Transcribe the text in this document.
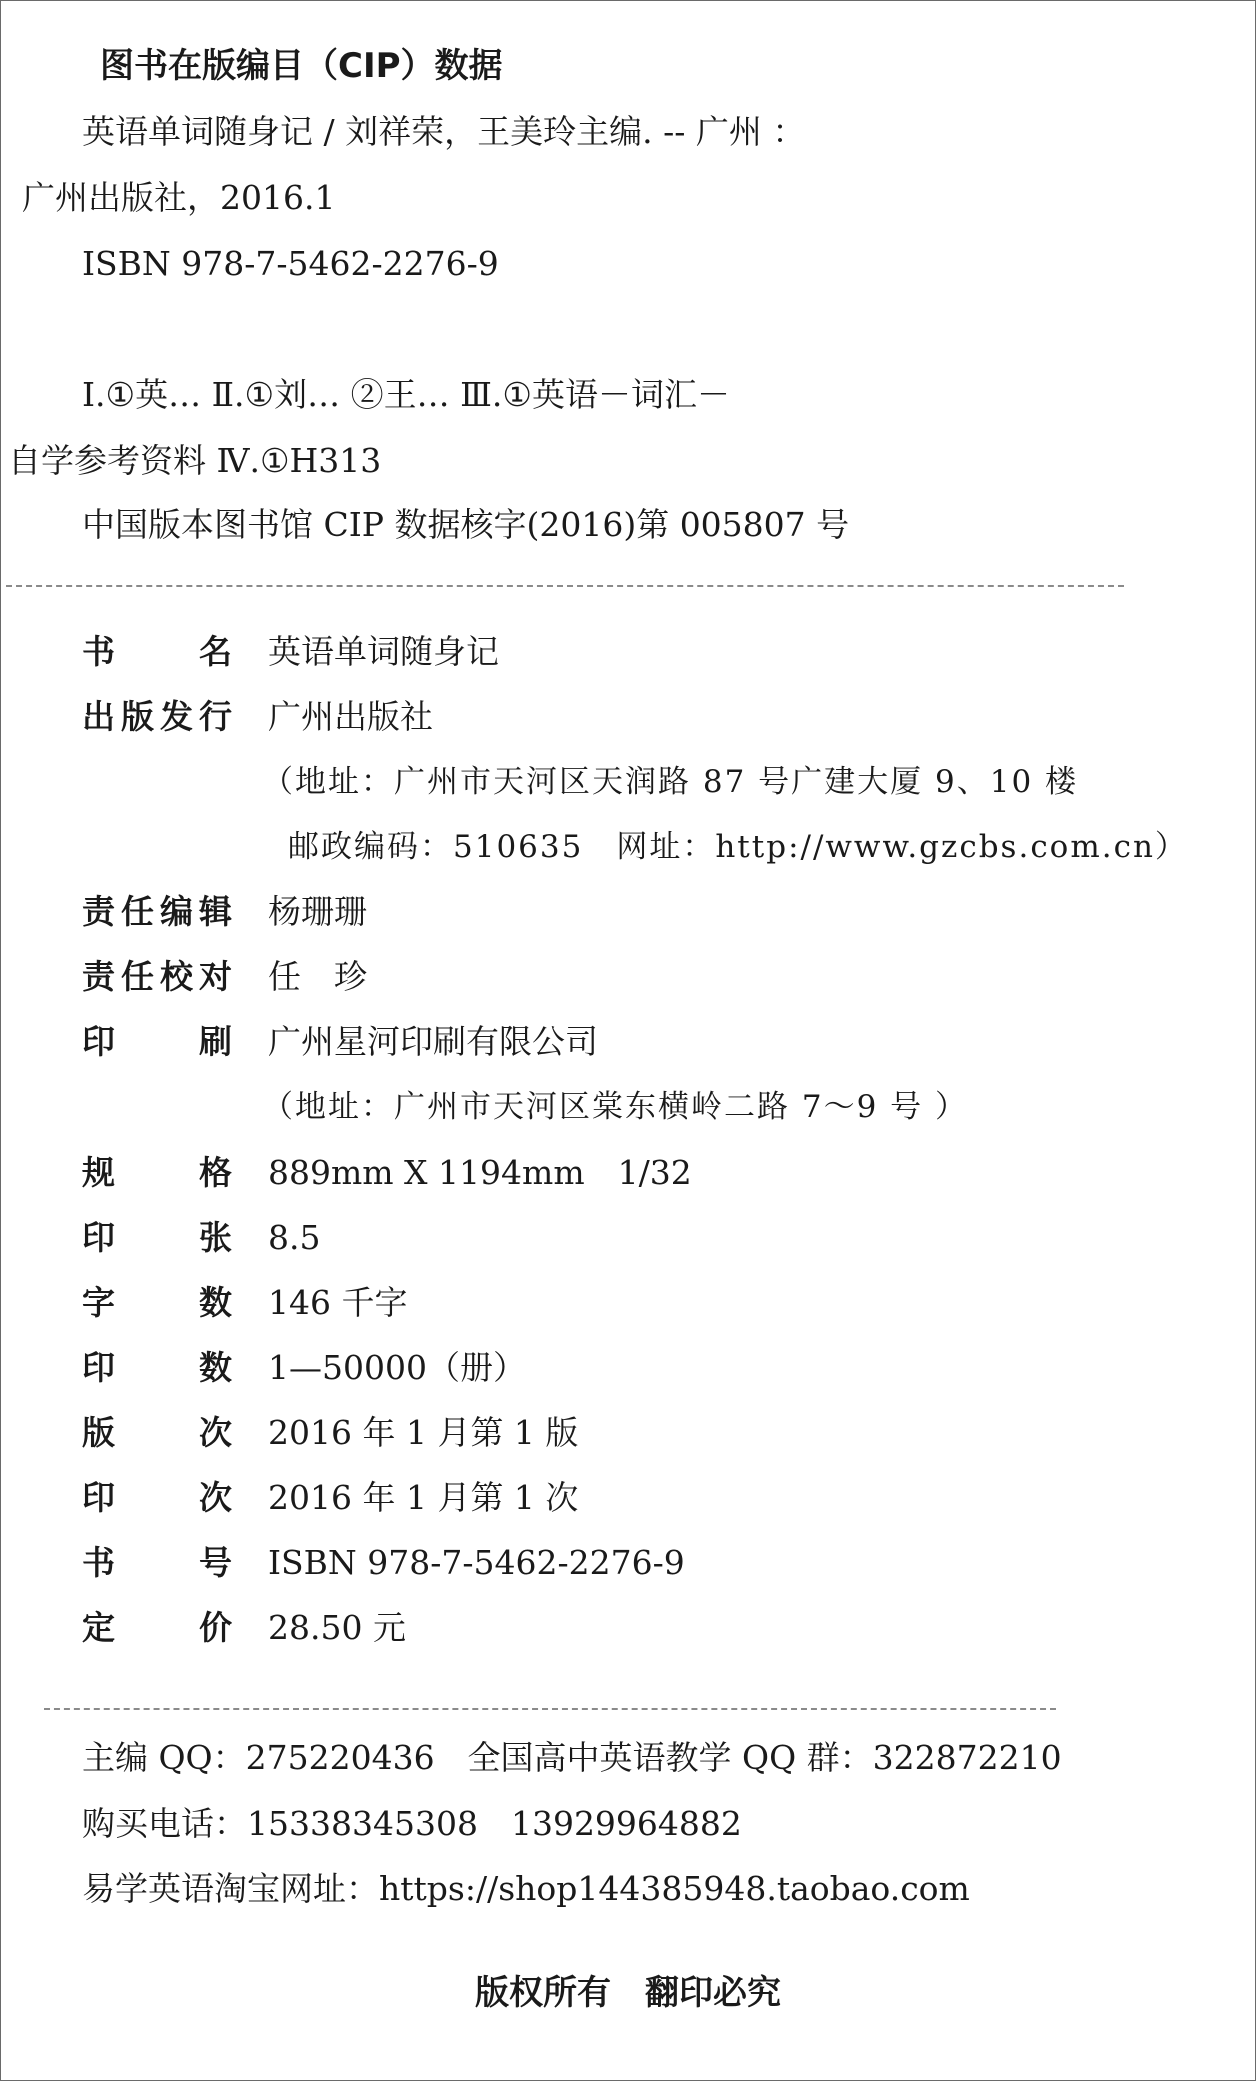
图书在版编目（CIP）数据
英语单词随身记 / 刘祥荣，王美玲主编. -- 广州 ：
广州出版社，2016.1
ISBN 978-7-5462-2276-9
Ⅰ.①英… Ⅱ.①刘… ②王… Ⅲ.①英语－词汇－
自学参考资料 Ⅳ.①H313
中国版本图书馆 CIP 数据核字(2016)第 005807 号
书名 英语单词随身记
出版发行 广州出版社
（地址：广州市天河区天润路 87 号广建大厦 9、10 楼
邮政编码：510635　网址：http://www.gzcbs.com.cn）
责任编辑 杨珊珊
责任校对 任　珍
印刷 广州星河印刷有限公司
（地址：广州市天河区棠东横岭二路 7～9 号 ）
规格 889mm X 1194mm　1/32
印张 8.5
字数 146 千字
印数 1—50000（册）
版次 2016 年 1 月第 1 版
印次 2016 年 1 月第 1 次
书号 ISBN 978-7-5462-2276-9
定价 28.50 元
主编 QQ：275220436　全国高中英语教学 QQ 群：322872210
购买电话：15338345308　13929964882
易学英语淘宝网址：https://shop144385948.taobao.com
版权所有　翻印必究
